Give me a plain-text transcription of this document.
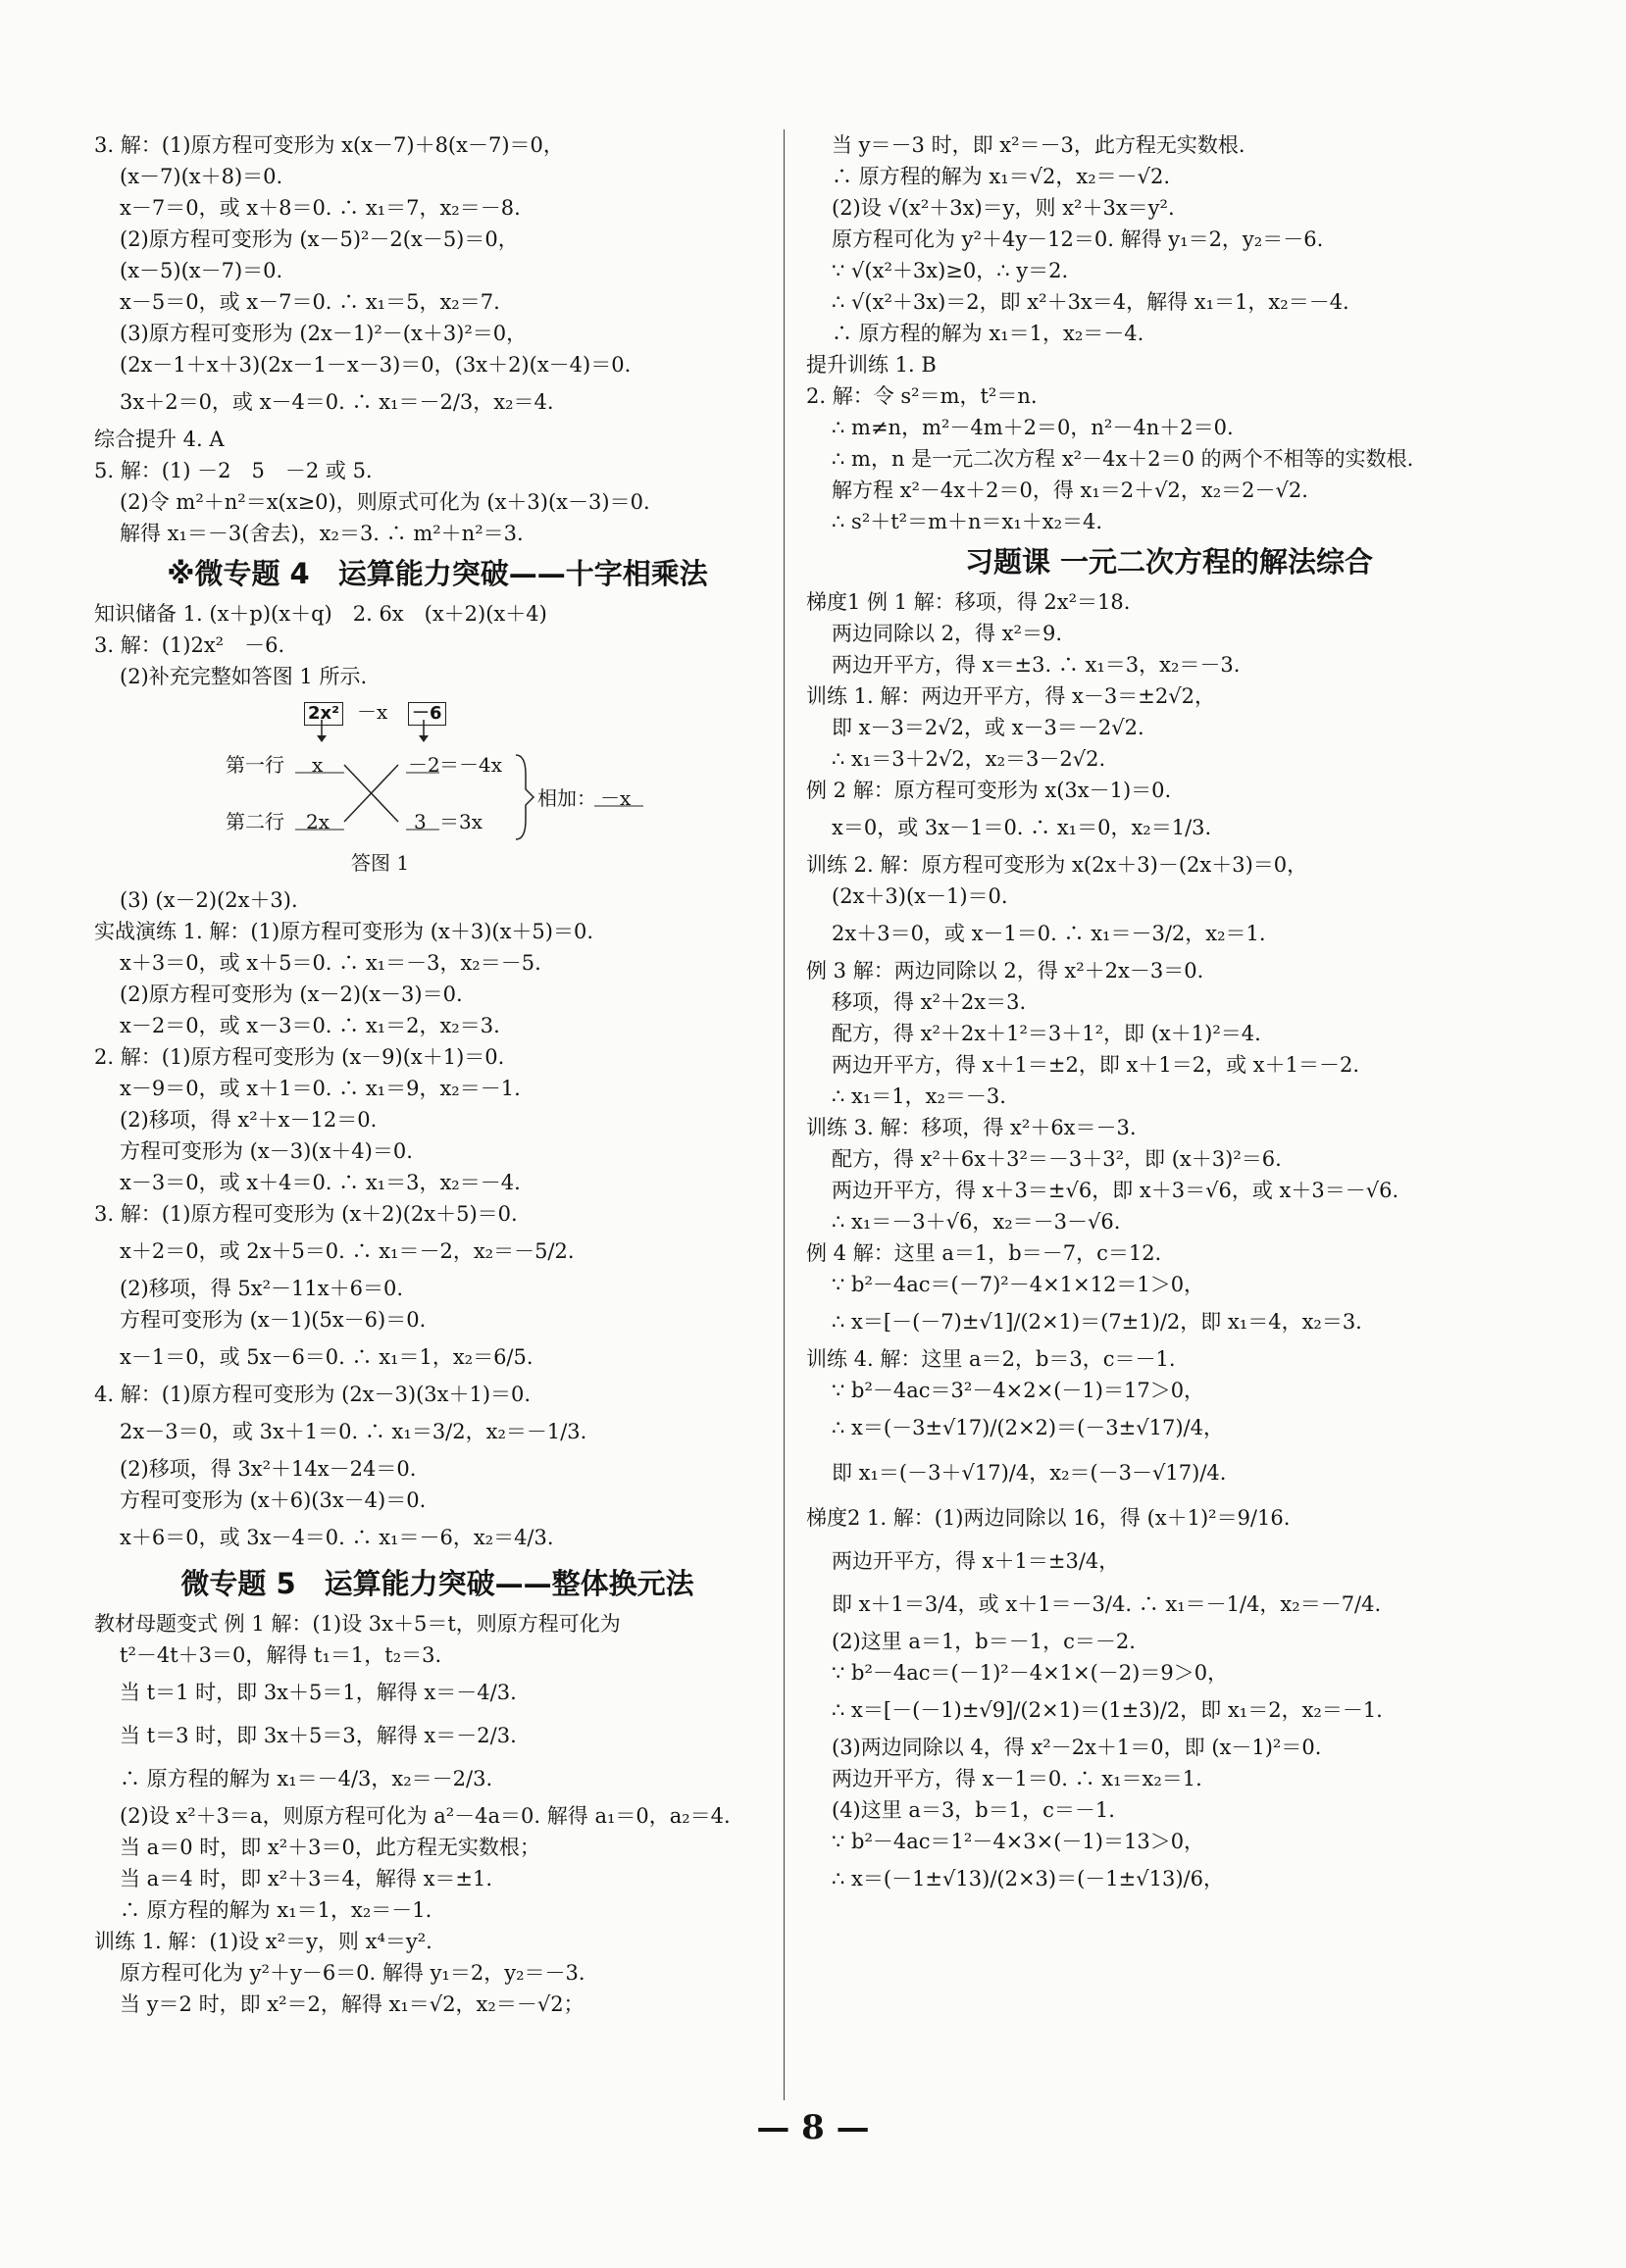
3. 解：(1)原方程可变形为 x(x－7)＋8(x－7)＝0，
(x－7)(x＋8)＝0.
x－7＝0，或 x＋8＝0. ∴ x₁＝7，x₂＝－8.
(2)原方程可变形为 (x－5)²－2(x－5)＝0，
(x－5)(x－7)＝0.
x－5＝0，或 x－7＝0. ∴ x₁＝5，x₂＝7.
(3)原方程可变形为 (2x－1)²－(x＋3)²＝0，
(2x－1＋x＋3)(2x－1－x－3)＝0，(3x＋2)(x－4)＝0.
3x＋2＝0，或 x－4＝0. ∴ x₁＝－2/3，x₂＝4.
综合提升 4. A
5. 解：(1) －2　5　－2 或 5.
(2)令 m²＋n²＝x(x≥0)，则原式可化为 (x＋3)(x－3)＝0.
解得 x₁＝－3(舍去)，x₂＝3. ∴ m²＋n²＝3.
※微专题 4　运算能力突破——十字相乘法
知识储备 1. (x＋p)(x＋q)　2. 6x　(x＋2)(x＋4)
3. 解：(1)2x²　－6.
(2)补充完整如答图 1 所示.
2x² －x －6
第一行 x	－2 ＝－4x
第二行 2x	3 ＝3x
相加： －x
答图 1
(3) (x－2)(2x＋3).
实战演练 1. 解：(1)原方程可变形为 (x＋3)(x＋5)＝0.
x＋3＝0，或 x＋5＝0. ∴ x₁＝－3，x₂＝－5.
(2)原方程可变形为 (x－2)(x－3)＝0.
x－2＝0，或 x－3＝0. ∴ x₁＝2，x₂＝3.
2. 解：(1)原方程可变形为 (x－9)(x＋1)＝0.
x－9＝0，或 x＋1＝0. ∴ x₁＝9，x₂＝－1.
(2)移项，得 x²＋x－12＝0.
方程可变形为 (x－3)(x＋4)＝0.
x－3＝0，或 x＋4＝0. ∴ x₁＝3，x₂＝－4.
3. 解：(1)原方程可变形为 (x＋2)(2x＋5)＝0.
x＋2＝0，或 2x＋5＝0. ∴ x₁＝－2，x₂＝－5/2.
(2)移项，得 5x²－11x＋6＝0.
方程可变形为 (x－1)(5x－6)＝0.
x－1＝0，或 5x－6＝0. ∴ x₁＝1，x₂＝6/5.
4. 解：(1)原方程可变形为 (2x－3)(3x＋1)＝0.
2x－3＝0，或 3x＋1＝0. ∴ x₁＝3/2，x₂＝－1/3.
(2)移项，得 3x²＋14x－24＝0.
方程可变形为 (x＋6)(3x－4)＝0.
x＋6＝0，或 3x－4＝0. ∴ x₁＝－6，x₂＝4/3.
微专题 5　运算能力突破——整体换元法
教材母题变式 例 1 解：(1)设 3x＋5＝t，则原方程可化为
t²－4t＋3＝0，解得 t₁＝1，t₂＝3.
当 t＝1 时，即 3x＋5＝1，解得 x＝－4/3.
当 t＝3 时，即 3x＋5＝3，解得 x＝－2/3.
∴ 原方程的解为 x₁＝－4/3，x₂＝－2/3.
(2)设 x²＋3＝a，则原方程可化为 a²－4a＝0. 解得 a₁＝0，a₂＝4.
当 a＝0 时，即 x²＋3＝0，此方程无实数根；
当 a＝4 时，即 x²＋3＝4，解得 x＝±1.
∴ 原方程的解为 x₁＝1，x₂＝－1.
训练 1. 解：(1)设 x²＝y，则 x⁴＝y².
原方程可化为 y²＋y－6＝0. 解得 y₁＝2，y₂＝－3.
当 y＝2 时，即 x²＝2，解得 x₁＝√2，x₂＝－√2；
当 y＝－3 时，即 x²＝－3，此方程无实数根.
∴ 原方程的解为 x₁＝√2，x₂＝－√2.
(2)设 √(x²＋3x)＝y，则 x²＋3x＝y².
原方程可化为 y²＋4y－12＝0. 解得 y₁＝2，y₂＝－6.
∵ √(x²＋3x)≥0，∴ y＝2.
∴ √(x²＋3x)＝2，即 x²＋3x＝4，解得 x₁＝1，x₂＝－4.
∴ 原方程的解为 x₁＝1，x₂＝－4.
提升训练 1. B
2. 解：令 s²＝m，t²＝n.
∴ m≠n，m²－4m＋2＝0，n²－4n＋2＝0.
∴ m，n 是一元二次方程 x²－4x＋2＝0 的两个不相等的实数根.
解方程 x²－4x＋2＝0，得 x₁＝2＋√2，x₂＝2－√2.
∴ s²＋t²＝m＋n＝x₁＋x₂＝4.
习题课 一元二次方程的解法综合
梯度1 例 1 解：移项，得 2x²＝18.
两边同除以 2，得 x²＝9.
两边开平方，得 x＝±3. ∴ x₁＝3，x₂＝－3.
训练 1. 解：两边开平方，得 x－3＝±2√2，
即 x－3＝2√2，或 x－3＝－2√2.
∴ x₁＝3＋2√2，x₂＝3－2√2.
例 2 解：原方程可变形为 x(3x－1)＝0.
x＝0，或 3x－1＝0. ∴ x₁＝0，x₂＝1/3.
训练 2. 解：原方程可变形为 x(2x＋3)－(2x＋3)＝0，
(2x＋3)(x－1)＝0.
2x＋3＝0，或 x－1＝0. ∴ x₁＝－3/2，x₂＝1.
例 3 解：两边同除以 2，得 x²＋2x－3＝0.
移项，得 x²＋2x＝3.
配方，得 x²＋2x＋1²＝3＋1²，即 (x＋1)²＝4.
两边开平方，得 x＋1＝±2，即 x＋1＝2，或 x＋1＝－2.
∴ x₁＝1，x₂＝－3.
训练 3. 解：移项，得 x²＋6x＝－3.
配方，得 x²＋6x＋3²＝－3＋3²，即 (x＋3)²＝6.
两边开平方，得 x＋3＝±√6，即 x＋3＝√6，或 x＋3＝－√6.
∴ x₁＝－3＋√6，x₂＝－3－√6.
例 4 解：这里 a＝1，b＝－7，c＝12.
∵ b²－4ac＝(－7)²－4×1×12＝1＞0，
∴ x＝[－(－7)±√1]/(2×1)＝(7±1)/2，即 x₁＝4，x₂＝3.
训练 4. 解：这里 a＝2，b＝3，c＝－1.
∵ b²－4ac＝3²－4×2×(－1)＝17＞0，
∴ x＝(－3±√17)/(2×2)＝(－3±√17)/4，
即 x₁＝(－3＋√17)/4，x₂＝(－3－√17)/4.
梯度2 1. 解：(1)两边同除以 16，得 (x＋1)²＝9/16.
两边开平方，得 x＋1＝±3/4，
即 x＋1＝3/4，或 x＋1＝－3/4. ∴ x₁＝－1/4，x₂＝－7/4.
(2)这里 a＝1，b＝－1，c＝－2.
∵ b²－4ac＝(－1)²－4×1×(－2)＝9＞0，
∴ x＝[－(－1)±√9]/(2×1)＝(1±3)/2，即 x₁＝2，x₂＝－1.
(3)两边同除以 4，得 x²－2x＋1＝0，即 (x－1)²＝0.
两边开平方，得 x－1＝0. ∴ x₁＝x₂＝1.
(4)这里 a＝3，b＝1，c＝－1.
∵ b²－4ac＝1²－4×3×(－1)＝13＞0，
∴ x＝(－1±√13)/(2×3)＝(－1±√13)/6，
— 8 —
